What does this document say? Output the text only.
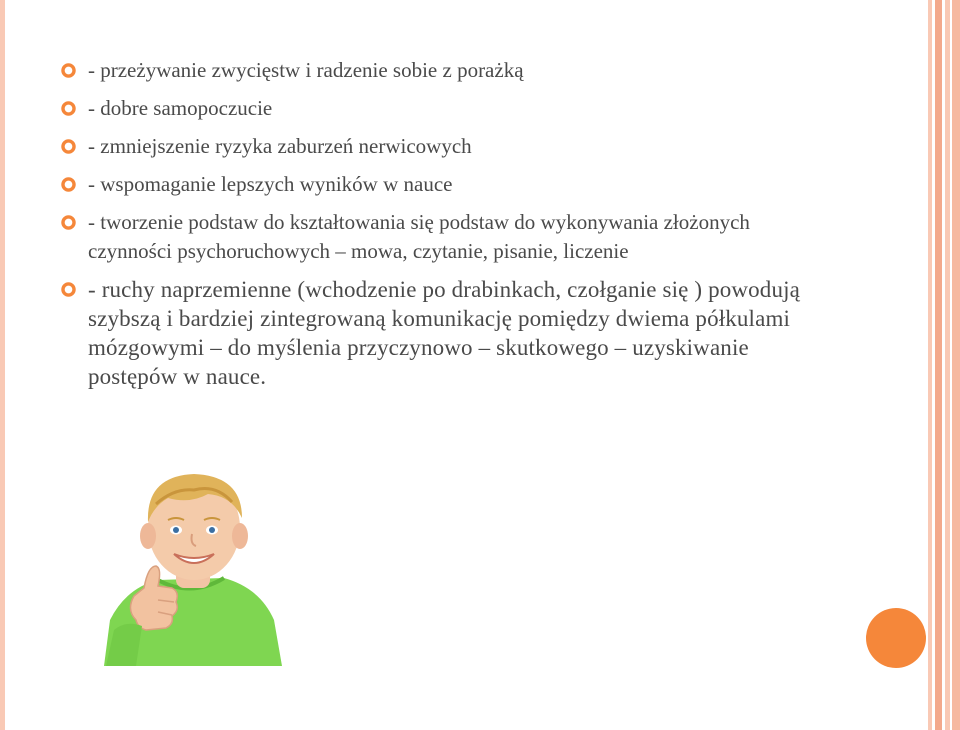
- przeżywanie zwycięstw i radzenie sobie z porażką
- dobre samopoczucie
- zmniejszenie ryzyka zaburzeń nerwicowych
- wspomaganie lepszych wyników w nauce
- tworzenie podstaw do kształtowania się podstaw do wykonywania złożonych czynności psychoruchowych – mowa, czytanie, pisanie, liczenie
- ruchy naprzemienne (wchodzenie po drabinkach, czołganie się ) powodują szybszą i bardziej zintegrowaną komunikację pomiędzy dwiema półkulami mózgowymi – do myślenia przyczynowo – skutkowego – uzyskiwanie postępów w nauce.
